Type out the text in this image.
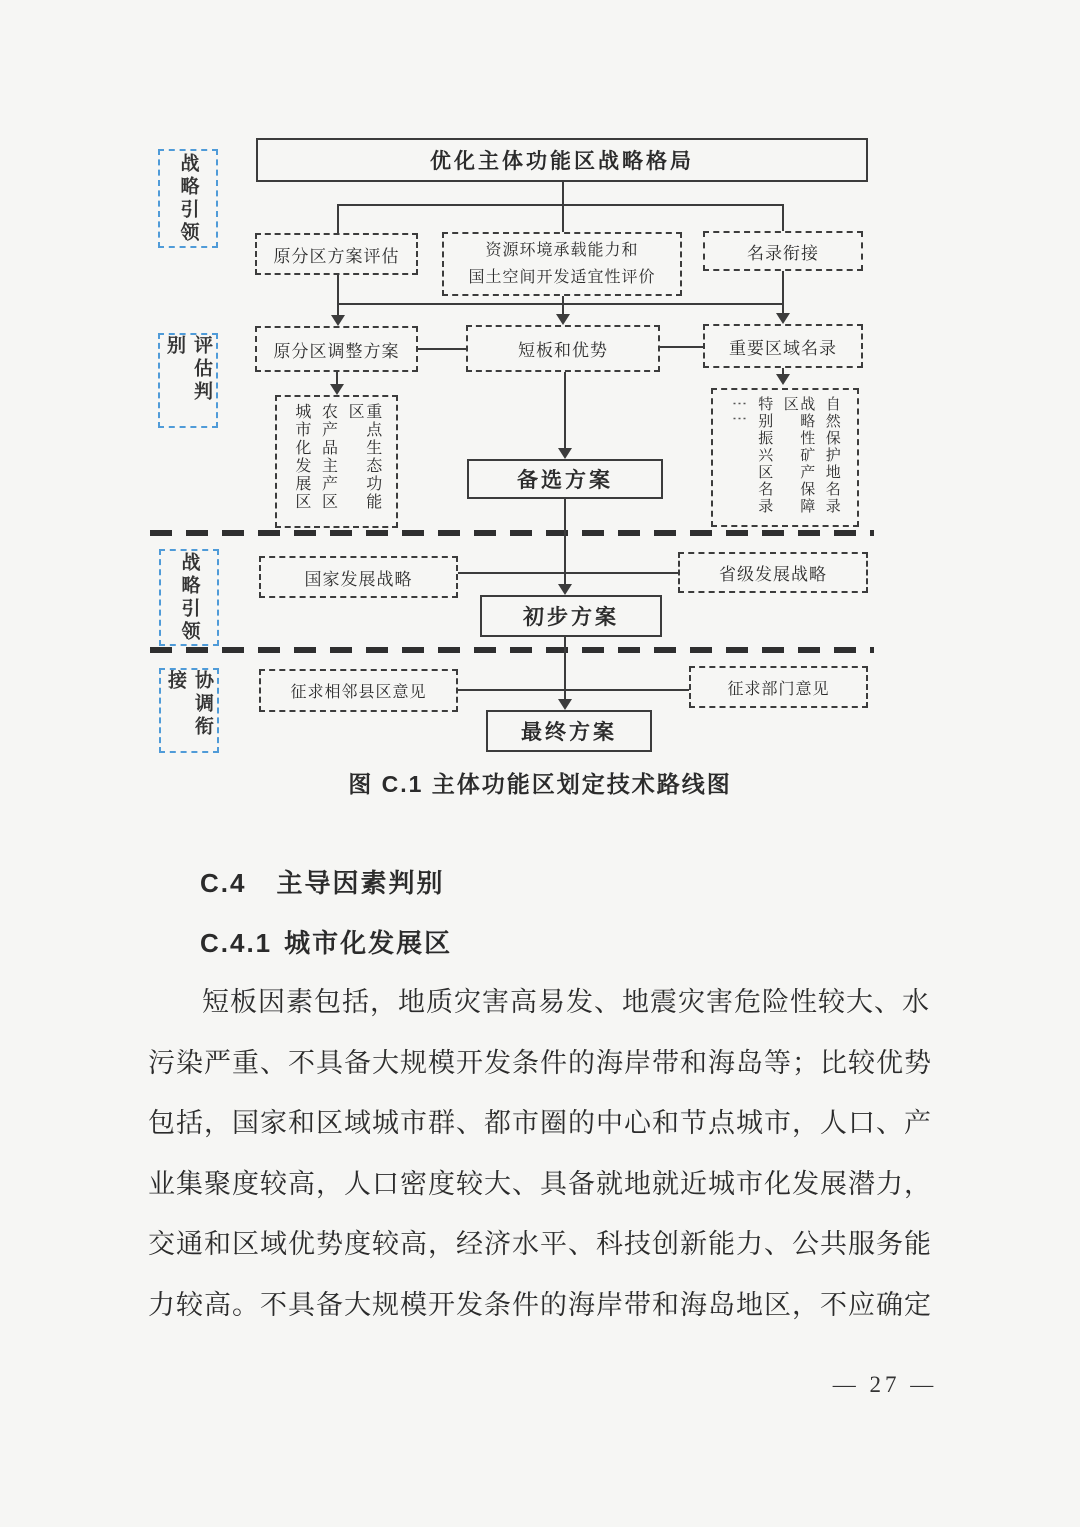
战略引领
评估判别
战略引领
协调衔接
优化主体功能区战略格局
原分区方案评估	资源环境承载能力和
国土空间开发适宜性评价
名录衔接
原分区调整方案	短板和优势	重要区域名录
重点生态功能区
农产品主产区
城市化发展区	自然保护地名录
战略性矿产保障区
特别振兴区名录
⋮⋮
备选方案
国家发展战略	省级发展战略
初步方案
征求相邻县区意见	征求部门意见
最终方案
图 C.1 主体功能区划定技术路线图
C.4 主导因素判别
C.4.1 城市化发展区
短板因素包括，地质灾害高易发、地震灾害危险性较大、水
污染严重、不具备大规模开发条件的海岸带和海岛等；比较优势
包括，国家和区域城市群、都市圈的中心和节点城市，人口、产
业集聚度较高，人口密度较大、具备就地就近城市化发展潜力，
交通和区域优势度较高，经济水平、科技创新能力、公共服务能
力较高。不具备大规模开发条件的海岸带和海岛地区，不应确定
— 27 —
